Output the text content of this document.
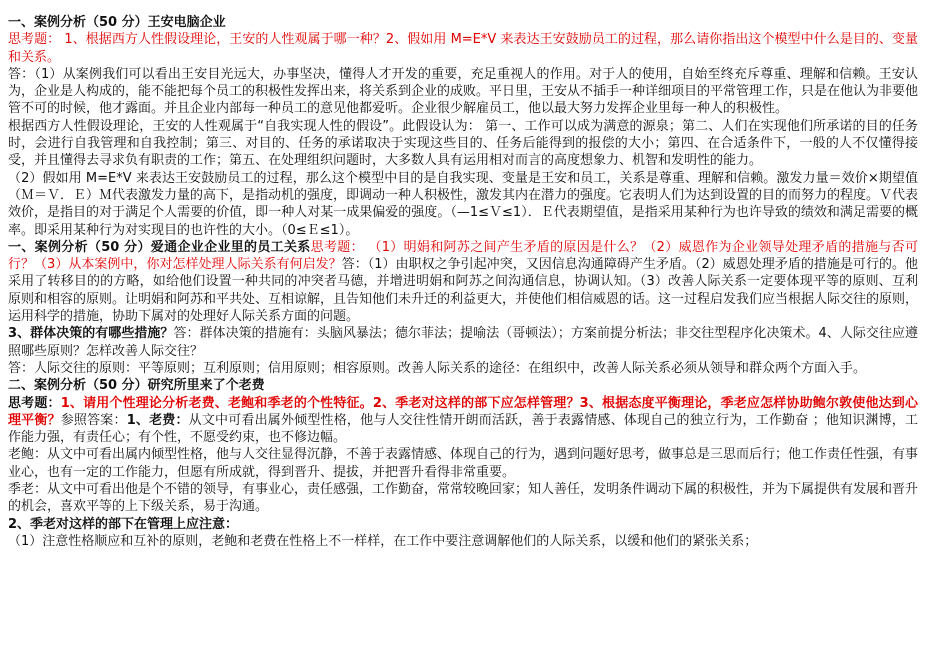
一、案例分析（50 分）王安电脑企业

思考题： 1、根据西方人性假设理论，王安的人性观属于哪一种？2、假如用 M=E*V 来表达王安鼓励员工的过程，那么请你指出这个模型中什么是目的、变量和关系。

答：（1）从案例我们可以看出王安目光远大，办事坚决，懂得人才开发的重要，充足重视人的作用。对于人的使用，自始至终充斥尊重、理解和信赖。王安认为，企业是人构成的，能不能把每个员工的积极性发挥出来，将关系到企业的成败。平日里，王安从不插手一种详细项目的平常管理工作，只是在他认为非要他管不可的时候，他才露面。并且企业内部每一种员工的意见他都爱听。企业很少解雇员工，他以最大努力发挥企业里每一种人的积极性。

根据西方人性假设理论，王安的人性观属于“自我实现人性的假设”。此假设认为： 第一、工作可以成为满意的源泉；第二、人们在实现他们所承诺的目的任务时，会进行自我管理和自我控制；第三、对目的、任务的承诺取决于实现这些目的、任务后能得到的报偿的大小；第四、在合适条件下，一般的人不仅懂得接受，并且懂得去寻求负有职责的工作；第五、在处理组织问题时，大多数人具有运用相对而言的高度想象力、机智和发明性的能力。

（2）假如用 M=E*V 来表达王安鼓励员工的过程，那么这个模型中目的是自我实现、变量是王安和员工，关系是尊重、理解和信赖。激发力量＝效价×期望值（Ｍ＝Ｖ．Ｅ）Ｍ代表激发力量的高下，是指动机的强度，即调动一种人积极性，激发其内在潜力的强度。它表明人们为达到设置的目的而努力的程度。Ｖ代表效价，是指目的对于满足个人需要的价值，即一种人对某一成果偏爱的强度。（—1≤Ｖ≤1）．Ｅ代表期望值，是指采用某种行为也许导致的绩效和满足需要的概率。即采用某种行为对实现目的也许性的大小。（0≤Ｅ≤1）。

一、案例分析（50 分）爱通企业企业里的员工关系思考题： （1）明娟和阿苏之间产生矛盾的原因是什么？（2）威恩作为企业领导处理矛盾的措施与否可行？（3）从本案例中，你对怎样处理人际关系有何启发？答：（1）由职权之争引起冲突，又因信息沟通障碍产生矛盾。（2）威恩处理矛盾的措施是可行的。他采用了转移目的的方略，如给他们设置一种共同的冲突者马德，并增进明娟和阿苏之间沟通信息，协调认知。（3）改善人际关系一定要体现平等的原则、互利原则和相容的原则。让明娟和阿苏和平共处、互相谅解，且告知他们未升迁的利益更大，并使他们相信威恩的话。这一过程启发我们应当根据人际交往的原则，运用科学的措施，协助下属对的处理好人际关系方面的问题。

3、群体决策的有哪些措施？答：群体决策的措施有：头脑风暴法；德尔菲法；提喻法（哥顿法）；方案前提分析法；非交往型程序化决策术。4、人际交往应遵照哪些原则？怎样改善人际交往？

答：人际交往的原则：平等原则；互利原则；信用原则；相容原则。改善人际关系的途径：在组织中，改善人际关系必须从领导和群众两个方面入手。

二、案例分析（50 分）研究所里来了个老费

思考题：1、请用个性理论分析老费、老鲍和季老的个性特征。2、季老对这样的部下应怎样管理？3、根据态度平衡理论，季老应怎样协助鲍尔敦使他达到心理平衡？参照答案：1、老费：从文中可看出属外倾型性格，他与人交往性情开朗而活跃，善于表露情感、体现自己的独立行为，工作勤奋 ；他知识渊博，工作能力强，有责任心；有个性，不愿受约束，也不修边幅。

老鲍：从文中可看出属内倾型性格，他与人交往显得沉静，不善于表露情感、体现自己的行为，遇到问题好思考，做事总是三思而后行；他工作责任性强，有事业心，也有一定的工作能力，但愿有所成就，得到晋升、提拔，并把晋升看得非常重要。

季老：从文中可看出他是个不错的领导，有事业心，责任感强，工作勤奋，常常较晚回家；知人善任，发明条件调动下属的积极性，并为下属提供有发展和晋升的机会，喜欢平等的上下级关系，易于沟通。

2、季老对这样的部下在管理上应注意：

（1）注意性格顺应和互补的原则，老鲍和老费在性格上不一样样，在工作中要注意调解他们的人际关系，以缓和他们的紧张关系；
